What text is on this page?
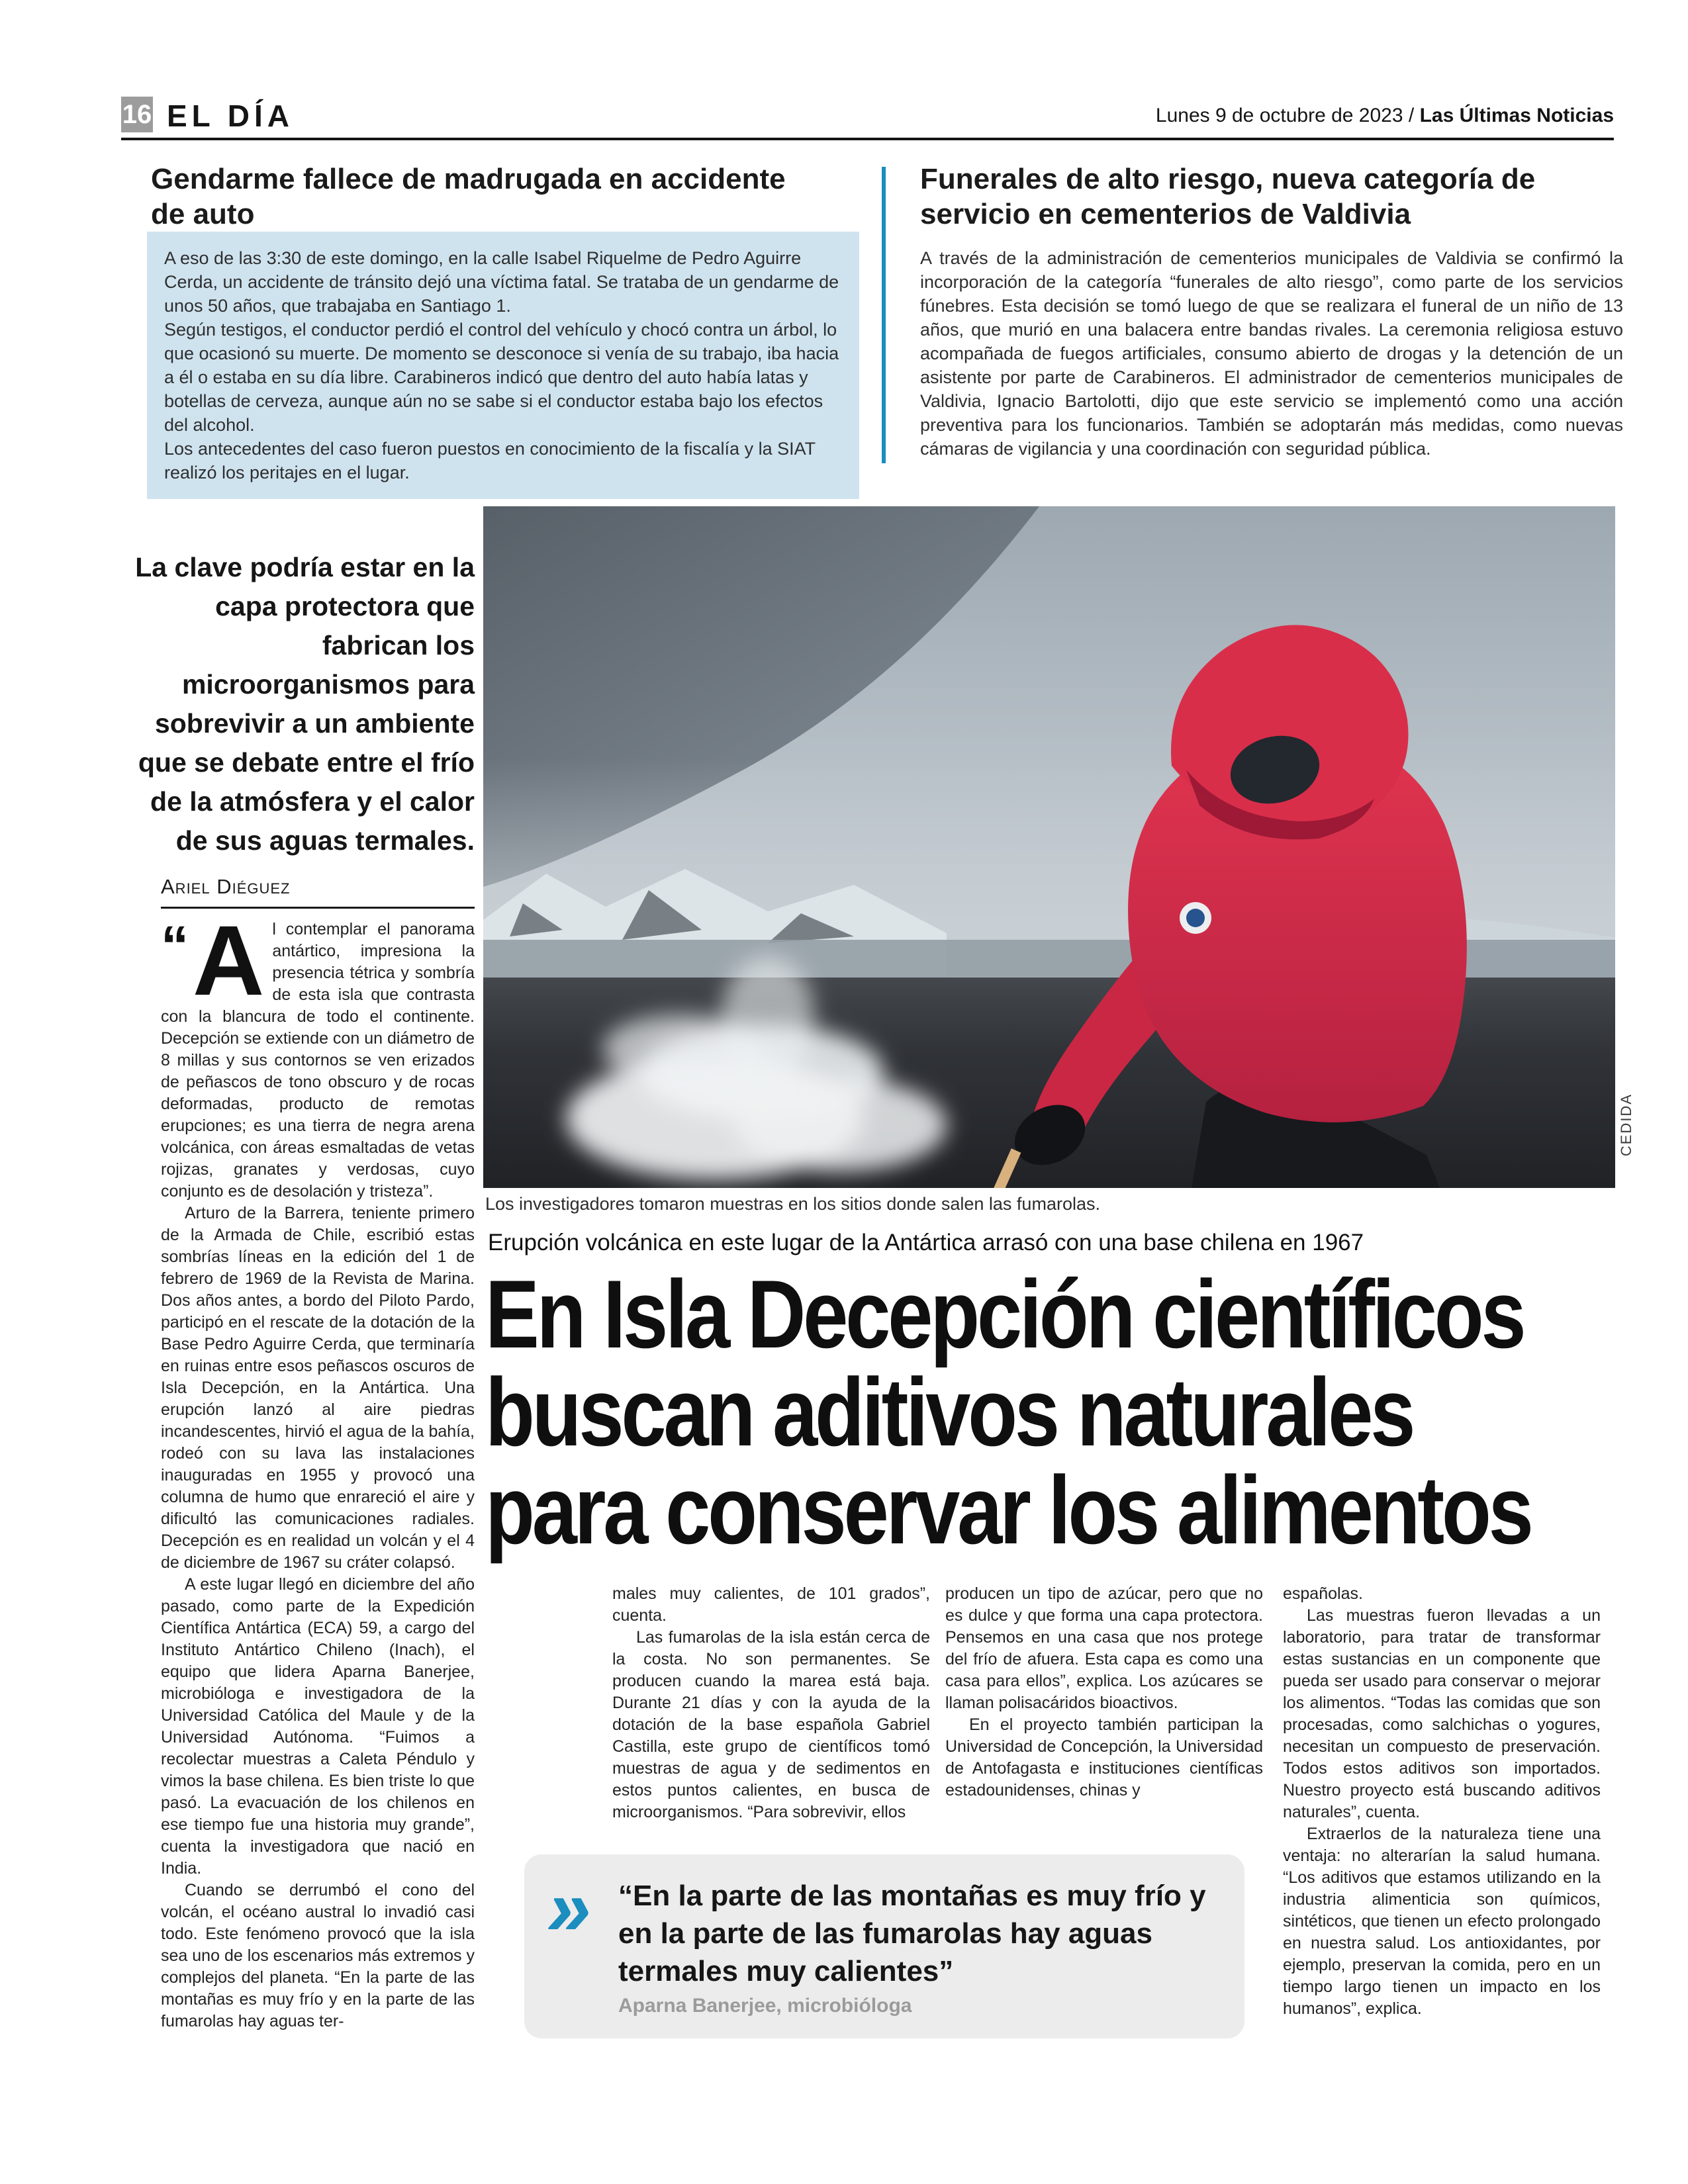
16 EL DÍA	Lunes 9 de octubre de 2023 / Las Últimas Noticias
Gendarme fallece de madrugada en accidente de auto

A eso de las 3:30 de este domingo, en la calle Isabel Riquelme de Pedro Aguirre Cerda, un accidente de tránsito dejó una víctima fatal. Se trataba de un gendarme de unos 50 años, que trabajaba en Santiago 1.

Según testigos, el conductor perdió el control del vehículo y chocó contra un árbol, lo que ocasionó su muerte. De momento se desconoce si venía de su trabajo, iba hacia a él o estaba en su día libre. Carabineros indicó que dentro del auto había latas y botellas de cerveza, aunque aún no se sabe si el conductor estaba bajo los efectos del alcohol.

Los antecedentes del caso fueron puestos en conocimiento de la fiscalía y la SIAT realizó los peritajes en el lugar.

Funerales de alto riesgo, nueva categoría de servicio en cementerios de Valdivia

A través de la administración de cementerios municipales de Valdivia se confirmó la incorporación de la categoría “funerales de alto riesgo”, como parte de los servicios fúnebres. Esta decisión se tomó luego de que se realizara el funeral de un niño de 13 años, que murió en una balacera entre bandas rivales. La ceremonia religiosa estuvo acompañada de fuegos artificiales, consumo abierto de drogas y la detención de un asistente por parte de Carabineros. El administrador de cementerios municipales de Valdivia, Ignacio Bartolotti, dijo que este servicio se implementó como una acción preventiva para los funcionarios. También se adoptarán más medidas, como nuevas cámaras de vigilancia y una coordinación con seguridad pública.

La clave podría estar en la capa protectora que fabrican los microorganismos para sobrevivir a un ambiente que se debate entre el frío de la atmósfera y el calor de sus aguas termales.
Ariel Diéguez
CEDIDA
Los investigadores tomaron muestras en los sitios donde salen las fumarolas.
Erupción volcánica en este lugar de la Antártica arrasó con una base chilena en 1967
En Isla Decepción científicos
buscan aditivos naturales
para conservar los alimentos

“ A l contemplar el panorama antártico, impresiona la presencia tétrica y sombría de esta isla que contrasta con la blancura de todo el continente. Decepción se extiende con un diámetro de 8 millas y sus contornos se ven erizados de peñascos de tono obscuro y de rocas deformadas, producto de remotas erupciones; es una tierra de negra arena volcánica, con áreas esmaltadas de vetas rojizas, granates y verdosas, cuyo conjunto es de desolación y tristeza”.

Arturo de la Barrera, teniente primero de la Armada de Chile, escribió estas sombrías líneas en la edición del 1 de febrero de 1969 de la Revista de Marina. Dos años antes, a bordo del Piloto Pardo, participó en el rescate de la dotación de la Base Pedro Aguirre Cerda, que terminaría en ruinas entre esos peñascos oscuros de Isla Decepción, en la Antártica. Una erupción lanzó al aire piedras incandescentes, hirvió el agua de la bahía, rodeó con su lava las instalaciones inauguradas en 1955 y provocó una columna de humo que enrareció el aire y dificultó las comunicaciones radiales. Decepción es en realidad un volcán y el 4 de diciembre de 1967 su cráter colapsó.

A este lugar llegó en diciembre del año pasado, como parte de la Expedición Científica Antártica (ECA) 59, a cargo del Instituto Antártico Chileno (Inach), el equipo que lidera Aparna Banerjee, microbióloga e investigadora de la Universidad Católica del Maule y de la Universidad Autónoma. “Fuimos a recolectar muestras a Caleta Péndulo y vimos la base chilena. Es bien triste lo que pasó. La evacuación de los chilenos en ese tiempo fue una historia muy grande”, cuenta la investigadora que nació en India.

Cuando se derrumbó el cono del volcán, el océano austral lo invadió casi todo. Este fenómeno provocó que la isla sea uno de los escenarios más extremos y complejos del planeta. “En la parte de las montañas es muy frío y en la parte de las fumarolas hay aguas ter-

males muy calientes, de 101 grados”, cuenta.

Las fumarolas de la isla están cerca de la costa. No son permanentes. Se producen cuando la marea está baja. Durante 21 días y con la ayuda de la dotación de la base española Gabriel Castilla, este grupo de científicos tomó muestras de agua y de sedimentos en estos puntos calientes, en busca de microorganismos. “Para sobrevivir, ellos

producen un tipo de azúcar, pero que no es dulce y que forma una capa protectora. Pensemos en una casa que nos protege del frío de afuera. Esta capa es como una casa para ellos”, explica. Los azúcares se llaman polisacáridos bioactivos.

En el proyecto también participan la Universidad de Concepción, la Universidad de Antofagasta e instituciones científicas estadounidenses, chinas y

españolas.

Las muestras fueron llevadas a un laboratorio, para tratar de transformar estas sustancias en un componente que pueda ser usado para conservar o mejorar los alimentos. “Todas las comidas que son procesadas, como salchichas o yogures, necesitan un compuesto de preservación. Todos estos aditivos son importados. Nuestro proyecto está buscando aditivos naturales”, cuenta.

Extraerlos de la naturaleza tiene una ventaja: no alterarían la salud humana. “Los aditivos que estamos utilizando en la industria alimenticia son químicos, sintéticos, que tienen un efecto prolongado en nuestra salud. Los antioxidantes, por ejemplo, preservan la comida, pero en un tiempo largo tienen un impacto en los humanos”, explica.

» “En la parte de las montañas es muy frío y en la parte de las fumarolas hay aguas termales muy calientes”
Aparna Banerjee, microbióloga
